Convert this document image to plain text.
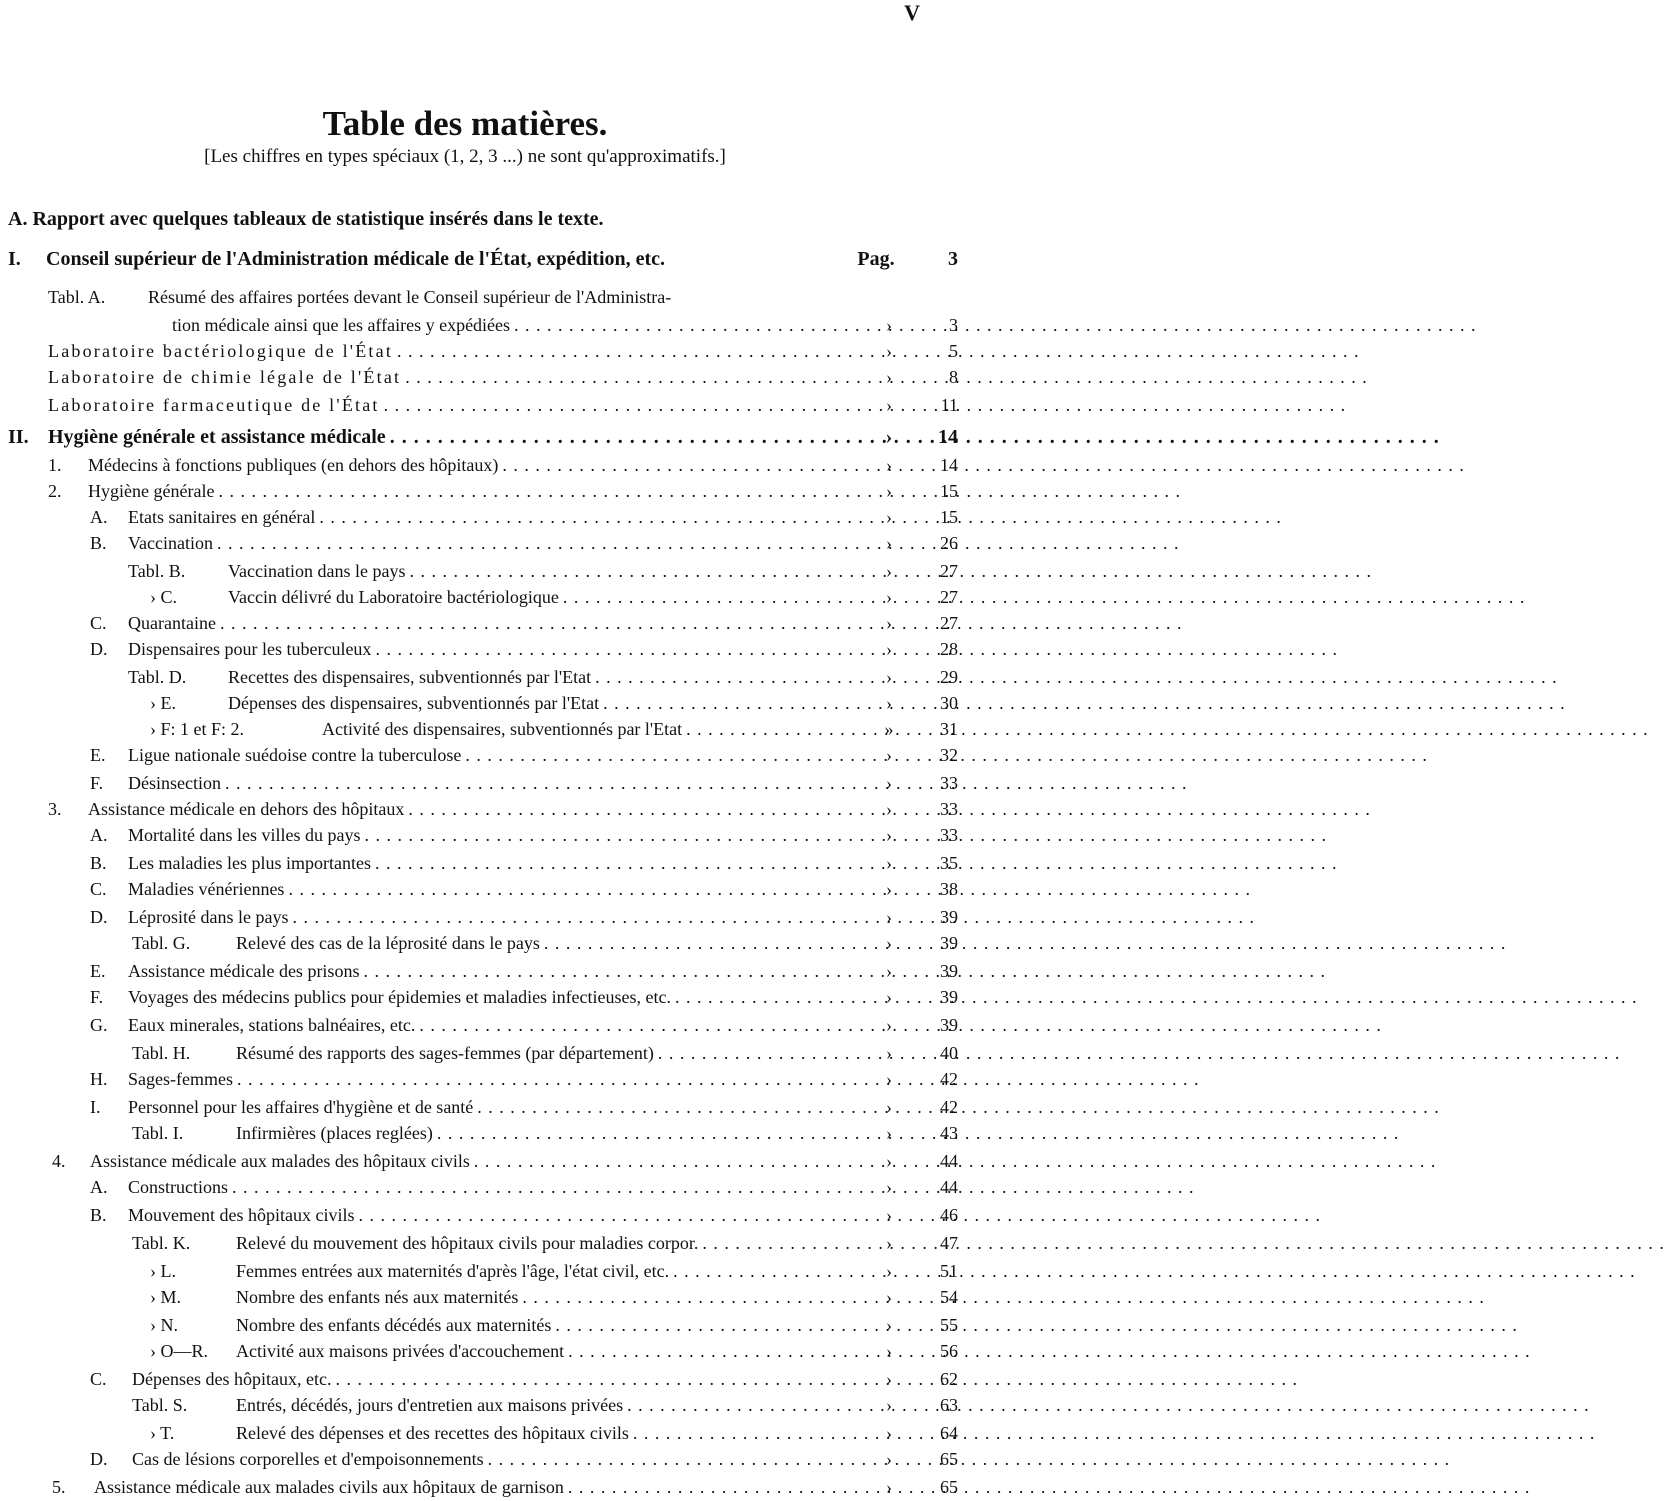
V
Table des matières.
[Les chiffres en types spéciaux (1, 2, 3 ...) ne sont qu'approximatifs.]
A. Rapport avec quelques tableaux de statistique insérés dans le texte.
I. Conseil supérieur de l'Administration médicale de l'État, expédition, etc.	Pag.	3
Tabl. A. Résumé des affaires portées devant le Conseil supérieur de l'Administra-
tion médicale ainsi que les affaires y expédiées . . .	›	3
Laboratoire bactériologique de l'État . . .	›	5
Laboratoire de chimie légale de l'État . . .	›	8
Laboratoire farmaceutique de l'État . . .	›	11
II. Hygiène générale et assistance médicale . . .	›	14
1. Médecins à fonctions publiques (en dehors des hôpitaux) . . .	›	14
2. Hygiène générale . . .	›	15
A. Etats sanitaires en général . . .	›	15
B. Vaccination . . .	›	26
Tabl. B. Vaccination dans le pays . . .	›	27
› C.	Vaccin délivré du Laboratoire bactériologique . . .	›	27
C. Quarantaine . . .	›	27
D. Dispensaires pour les tuberculeux . . .	›	28
Tabl. D. Recettes des dispensaires, subventionnés par l'Etat . . .	›	29
› E.	Dépenses des dispensaires, subventionnés par l'Etat . . .	›	30
› F: 1 et F: 2.	Activité des dispensaires, subventionnés par l'Etat . . .	»	31
E. Ligue nationale suédoise contre la tuberculose . . .	›	32
F. Désinsection . . .	›	33
3. Assistance médicale en dehors des hôpitaux . . .	›	33
A. Mortalité dans les villes du pays . . .	›	33
B. Les maladies les plus importantes . . .	›	35
C. Maladies vénériennes . . .	›	38
D. Léprosité dans le pays . . .	›	39
Tabl. G.	Relevé des cas de la léprosité dans le pays . . .	›	39
E. Assistance médicale des prisons . . .	›	39
F. Voyages des médecins publics pour épidemies et maladies infectieuses, etc. . . .	›	39
G. Eaux minerales, stations balnéaires, etc. . . .	›	39
Tabl. H.	Résumé des rapports des sages-femmes (par département) . . .	›	40
H. Sages-femmes . . .	›	42
I. Personnel pour les affaires d'hygiène et de santé . . .	›	42
Tabl. I.	Infirmières (places reglées) . . .	›	43
4. Assistance médicale aux malades des hôpitaux civils . . .	›	44
A. Constructions . . .	›	44
B. Mouvement des hôpitaux civils . . .	›	46
Tabl. K.	Relevé du mouvement des hôpitaux civils pour maladies corpor. . . .	›	47
› L.	Femmes entrées aux maternités d'après l'âge, l'état civil, etc. . . .	›	51
› M.	Nombre des enfants nés aux maternités . . .	›	54
› N.	Nombre des enfants décédés aux maternités . . .	›	55
› O—R. Activité aux maisons privées d'accouchement . . .	›	56
C. Dépenses des hôpitaux, etc. . . .	›	62
Tabl. S.	Entrés, décédés, jours d'entretien aux maisons privées . . .	›	63
› T.	Relevé des dépenses et des recettes des hôpitaux civils . . .	›	64
D. Cas de lésions corporelles et d'empoisonnements . . .	›	65
5. Assistance médicale aux malades civils aux hôpitaux de garnison . . .	›	65
